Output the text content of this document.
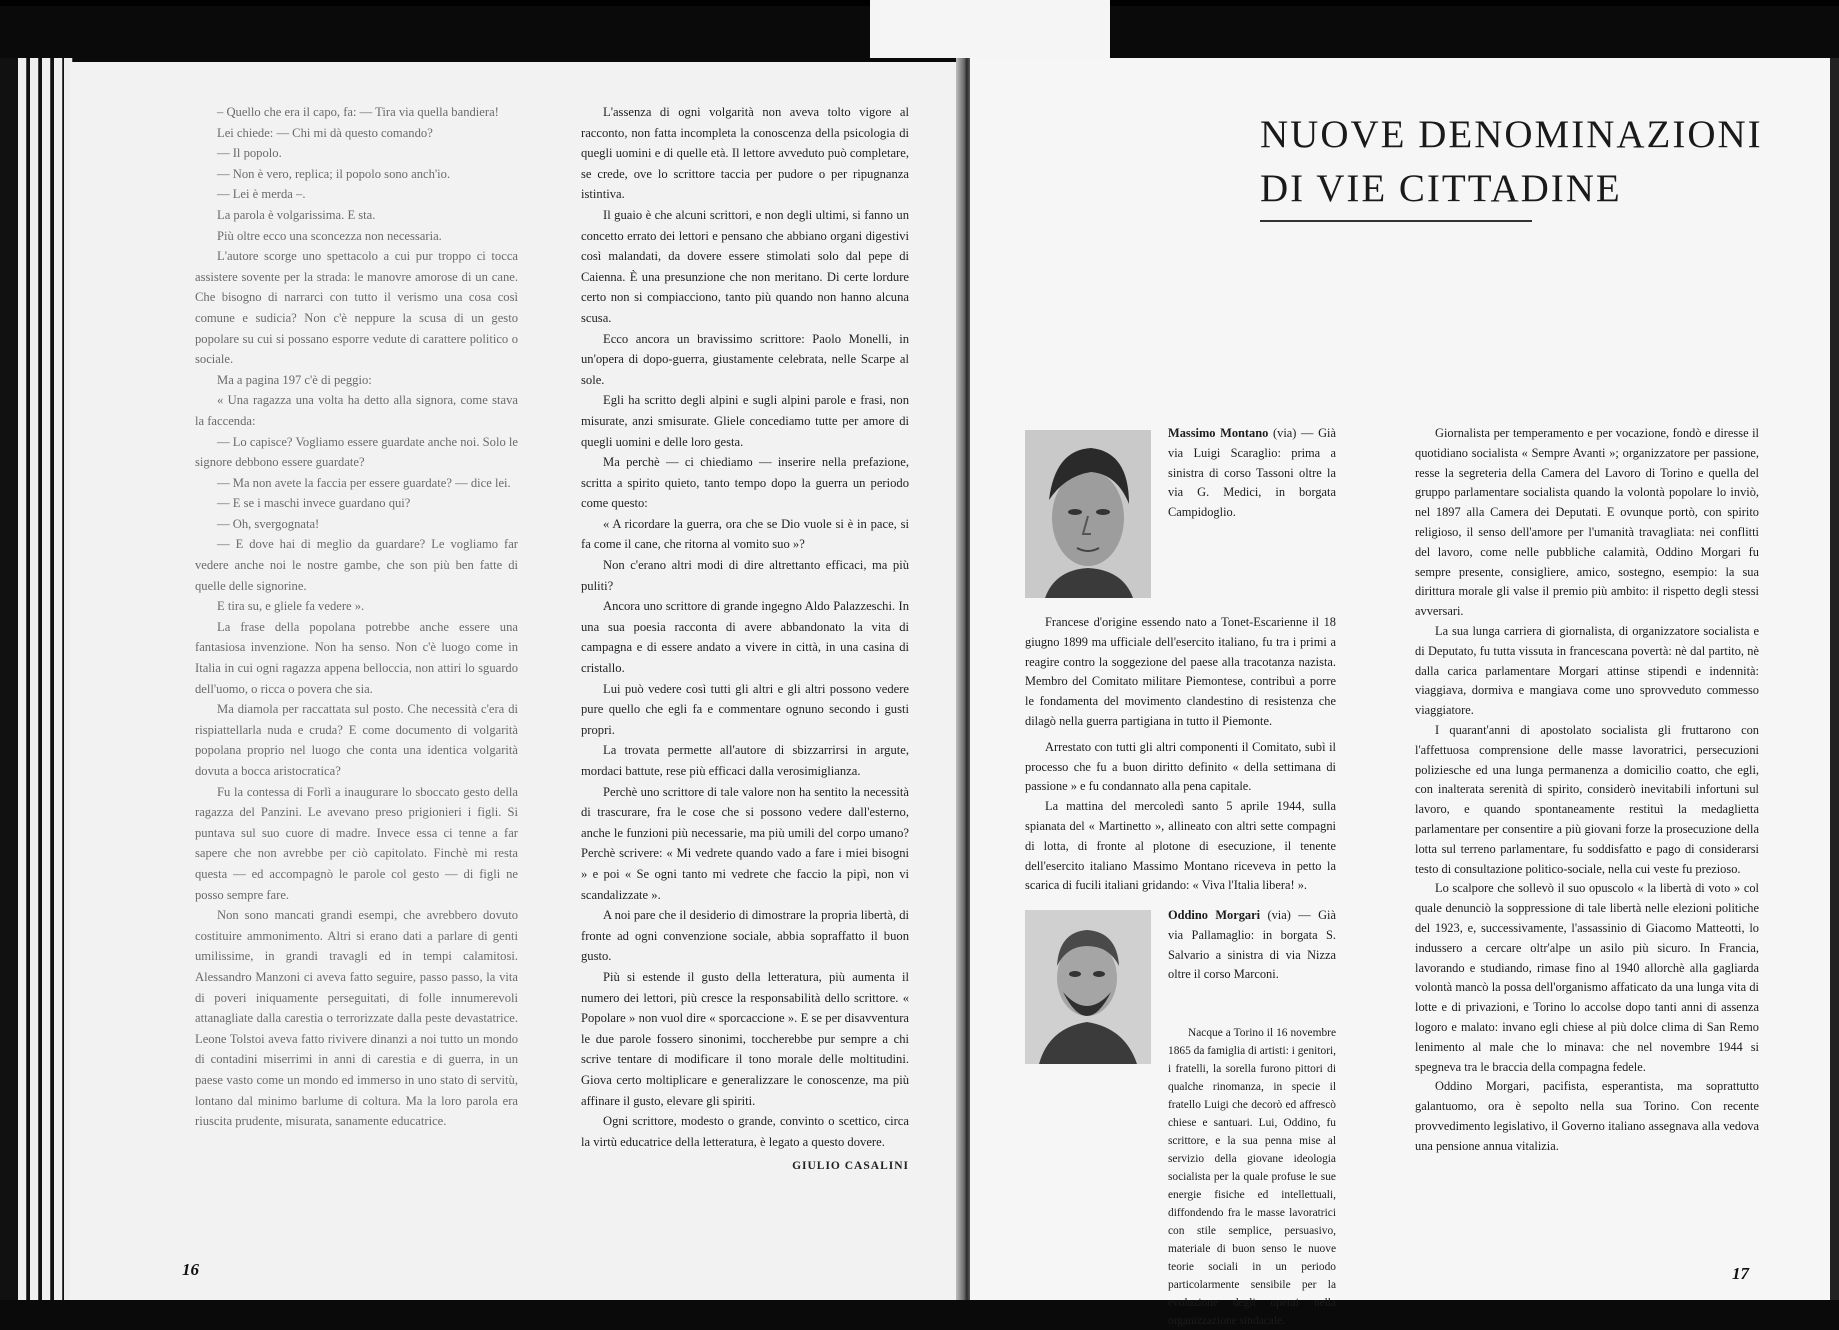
– Quello che era il capo, fa: — Tira via quella bandiera!

Lei chiede: — Chi mi dà questo comando?

— Il popolo.

— Non è vero, replica; il popolo sono anch'io.

— Lei è merda –.

La parola è volgarissima. E sta.

Più oltre ecco una sconcezza non necessaria.

L'autore scorge uno spettacolo a cui pur troppo ci tocca assistere sovente per la strada: le manovre amorose di un cane. Che bisogno di narrarci con tutto il verismo una cosa così comune e sudicia? Non c'è neppure la scusa di un gesto popolare su cui si possano esporre vedute di carattere politico o sociale.

Ma a pagina 197 c'è di peggio:

« Una ragazza una volta ha detto alla signora, come stava la faccenda:

— Lo capisce? Vogliamo essere guardate anche noi. Solo le signore debbono essere guardate?

— Ma non avete la faccia per essere guardate? — dice lei.

— E se i maschi invece guardano qui?

— Oh, svergognata!

— E dove hai di meglio da guardare? Le vogliamo far vedere anche noi le nostre gambe, che son più ben fatte di quelle delle signorine.

E tira su, e gliele fa vedere ».

La frase della popolana potrebbe anche essere una fantasiosa invenzione. Non ha senso. Non c'è luogo come in Italia in cui ogni ragazza appena belloccia, non attiri lo sguardo dell'uomo, o ricca o povera che sia.

Ma diamola per raccattata sul posto. Che necessità c'era di rispiattellarla nuda e cruda? E come documento di volgarità popolana proprio nel luogo che conta una identica volgarità dovuta a bocca aristocratica?

Fu la contessa di Forlì a inaugurare lo sboccato gesto della ragazza del Panzini. Le avevano preso prigionieri i figli. Si puntava sul suo cuore di madre. Invece essa ci tenne a far sapere che non avrebbe per ciò capitolato. Finchè mi resta questa — ed accompagnò le parole col gesto — di figli ne posso sempre fare.

Non sono mancati grandi esempi, che avrebbero dovuto costituire ammonimento. Altri si erano dati a parlare di genti umilissime, in grandi travagli ed in tempi calamitosi. Alessandro Manzoni ci aveva fatto seguire, passo passo, la vita di poveri iniquamente perseguitati, di folle innumerevoli attanagliate dalla carestia o terrorizzate dalla peste devastatrice. Leone Tolstoi aveva fatto rivivere dinanzi a noi tutto un mondo di contadini miserrimi in anni di carestia e di guerra, in un paese vasto come un mondo ed immerso in uno stato di servitù, lontano dal minimo barlume di coltura. Ma la loro parola era riuscita prudente, misurata, sanamente educatrice.

L'assenza di ogni volgarità non aveva tolto vigore al racconto, non fatta incompleta la conoscenza della psicologia di quegli uomini e di quelle età. Il lettore avveduto può completare, se crede, ove lo scrittore taccia per pudore o per ripugnanza istintiva.

Il guaio è che alcuni scrittori, e non degli ultimi, si fanno un concetto errato dei lettori e pensano che abbiano organi digestivi così malandati, da dovere essere stimolati solo dal pepe di Caienna. È una presunzione che non meritano. Di certe lordure certo non si compiacciono, tanto più quando non hanno alcuna scusa.

Ecco ancora un bravissimo scrittore: Paolo Monelli, in un'opera di dopo-guerra, giustamente celebrata, nelle Scarpe al sole.

Egli ha scritto degli alpini e sugli alpini parole e frasi, non misurate, anzi smisurate. Gliele concediamo tutte per amore di quegli uomini e delle loro gesta.

Ma perchè — ci chiediamo — inserire nella prefazione, scritta a spirito quieto, tanto tempo dopo la guerra un periodo come questo:

« A ricordare la guerra, ora che se Dio vuole si è in pace, si fa come il cane, che ritorna al vomito suo »?

Non c'erano altri modi di dire altrettanto efficaci, ma più puliti?

Ancora uno scrittore di grande ingegno Aldo Palazzeschi. In una sua poesia racconta di avere abbandonato la vita di campagna e di essere andato a vivere in città, in una casina di cristallo.

Lui può vedere così tutti gli altri e gli altri possono vedere pure quello che egli fa e commentare ognuno secondo i gusti propri.

La trovata permette all'autore di sbizzarrirsi in argute, mordaci battute, rese più efficaci dalla verosimiglianza.

Perchè uno scrittore di tale valore non ha sentito la necessità di trascurare, fra le cose che si possono vedere dall'esterno, anche le funzioni più necessarie, ma più umili del corpo umano? Perchè scrivere: « Mi vedrete quando vado a fare i miei bisogni » e poi « Se ogni tanto mi vedrete che faccio la pipì, non vi scandalizzate ».

A noi pare che il desiderio di dimostrare la propria libertà, di fronte ad ogni convenzione sociale, abbia sopraffatto il buon gusto.

Più si estende il gusto della letteratura, più aumenta il numero dei lettori, più cresce la responsabilità dello scrittore. « Popolare » non vuol dire « sporcaccione ». E se per disavventura le due parole fossero sinonimi, toccherebbe pur sempre a chi scrive tentare di modificare il tono morale delle moltitudini. Giova certo moltiplicare e generalizzare le conoscenze, ma più affinare il gusto, elevare gli spiriti.

Ogni scrittore, modesto o grande, convinto o scettico, circa la virtù educatrice della letteratura, è legato a questo dovere.

GIULIO CASALINI
16
NUOVE DENOMINAZIONI
DI VIE CITTADINE

Massimo Montano (via) — Già via Luigi Scaraglio: prima a sinistra di corso Tassoni oltre la via G. Medici, in borgata Campidoglio.

Francese d'origine essendo nato a Tonet-Escarienne il 18 giugno 1899 ma ufficiale dell'esercito italiano, fu tra i primi a reagire contro la soggezione del paese alla tracotanza nazista. Membro del Comitato militare Piemontese, contribuì a porre le fondamenta del movimento clandestino di resistenza che dilagò nella guerra partigiana in tutto il Piemonte.

Arrestato con tutti gli altri componenti il Comitato, subì il processo che fu a buon diritto definito « della settimana di passione » e fu condannato alla pena capitale.

La mattina del mercoledì santo 5 aprile 1944, sulla spianata del « Martinetto », allineato con altri sette compagni di lotta, di fronte al plotone di esecuzione, il tenente dell'esercito italiano Massimo Montano riceveva in petto la scarica di fucili italiani gridando: « Viva l'Italia libera! ».

Oddino Morgari (via) — Già via Pallamaglio: in borgata S. Salvario a sinistra di via Nizza oltre il corso Marconi.

Nacque a Torino il 16 novembre 1865 da famiglia di artisti: i genitori, i fratelli, la sorella furono pittori di qualche rinomanza, in specie il fratello Luigi che decorò ed affrescò chiese e santuari. Lui, Oddino, fu scrittore, e la sua penna mise al servizio della giovane ideologia socialista per la quale profuse le sue energie fisiche ed intellettuali, diffondendo fra le masse lavoratrici con stile semplice, persuasivo, materiale di buon senso le nuove teorie sociali in un periodo particolarmente sensibile per la evoluzione degli operai nella organizzazione sindacale.

Giornalista per temperamento e per vocazione, fondò e diresse il quotidiano socialista « Sempre Avanti »; organizzatore per passione, resse la segreteria della Camera del Lavoro di Torino e quella del gruppo parlamentare socialista quando la volontà popolare lo inviò, nel 1897 alla Camera dei Deputati. E ovunque portò, con spirito religioso, il senso dell'amore per l'umanità travagliata: nei conflitti del lavoro, come nelle pubbliche calamità, Oddino Morgari fu sempre presente, consigliere, amico, sostegno, esempio: la sua dirittura morale gli valse il premio più ambito: il rispetto degli stessi avversari.

La sua lunga carriera di giornalista, di organizzatore socialista e di Deputato, fu tutta vissuta in francescana povertà: nè dal partito, nè dalla carica parlamentare Morgari attinse stipendi e indennità: viaggiava, dormiva e mangiava come uno sprovveduto commesso viaggiatore.

I quarant'anni di apostolato socialista gli fruttarono con l'affettuosa comprensione delle masse lavoratrici, persecuzioni poliziesche ed una lunga permanenza a domicilio coatto, che egli, con inalterata serenità di spirito, considerò inevitabili infortuni sul lavoro, e quando spontaneamente restituì la medaglietta parlamentare per consentire a più giovani forze la prosecuzione della lotta sul terreno parlamentare, fu soddisfatto e pago di considerarsi testo di consultazione politico-sociale, nella cui veste fu prezioso.

Lo scalpore che sollevò il suo opuscolo « la libertà di voto » col quale denunciò la soppressione di tale libertà nelle elezioni politiche del 1923, e, successivamente, l'assassinio di Giacomo Matteotti, lo indussero a cercare oltr'alpe un asilo più sicuro. In Francia, lavorando e studiando, rimase fino al 1940 allorchè alla gagliarda volontà mancò la possa dell'organismo affaticato da una lunga vita di lotte e di privazioni, e Torino lo accolse dopo tanti anni di assenza logoro e malato: invano egli chiese al più dolce clima di San Remo lenimento al male che lo minava: che nel novembre 1944 si spegneva tra le braccia della compagna fedele.

Oddino Morgari, pacifista, esperantista, ma soprattutto galantuomo, ora è sepolto nella sua Torino. Con recente provvedimento legislativo, il Governo italiano assegnava alla vedova una pensione annua vitalizia.

17
